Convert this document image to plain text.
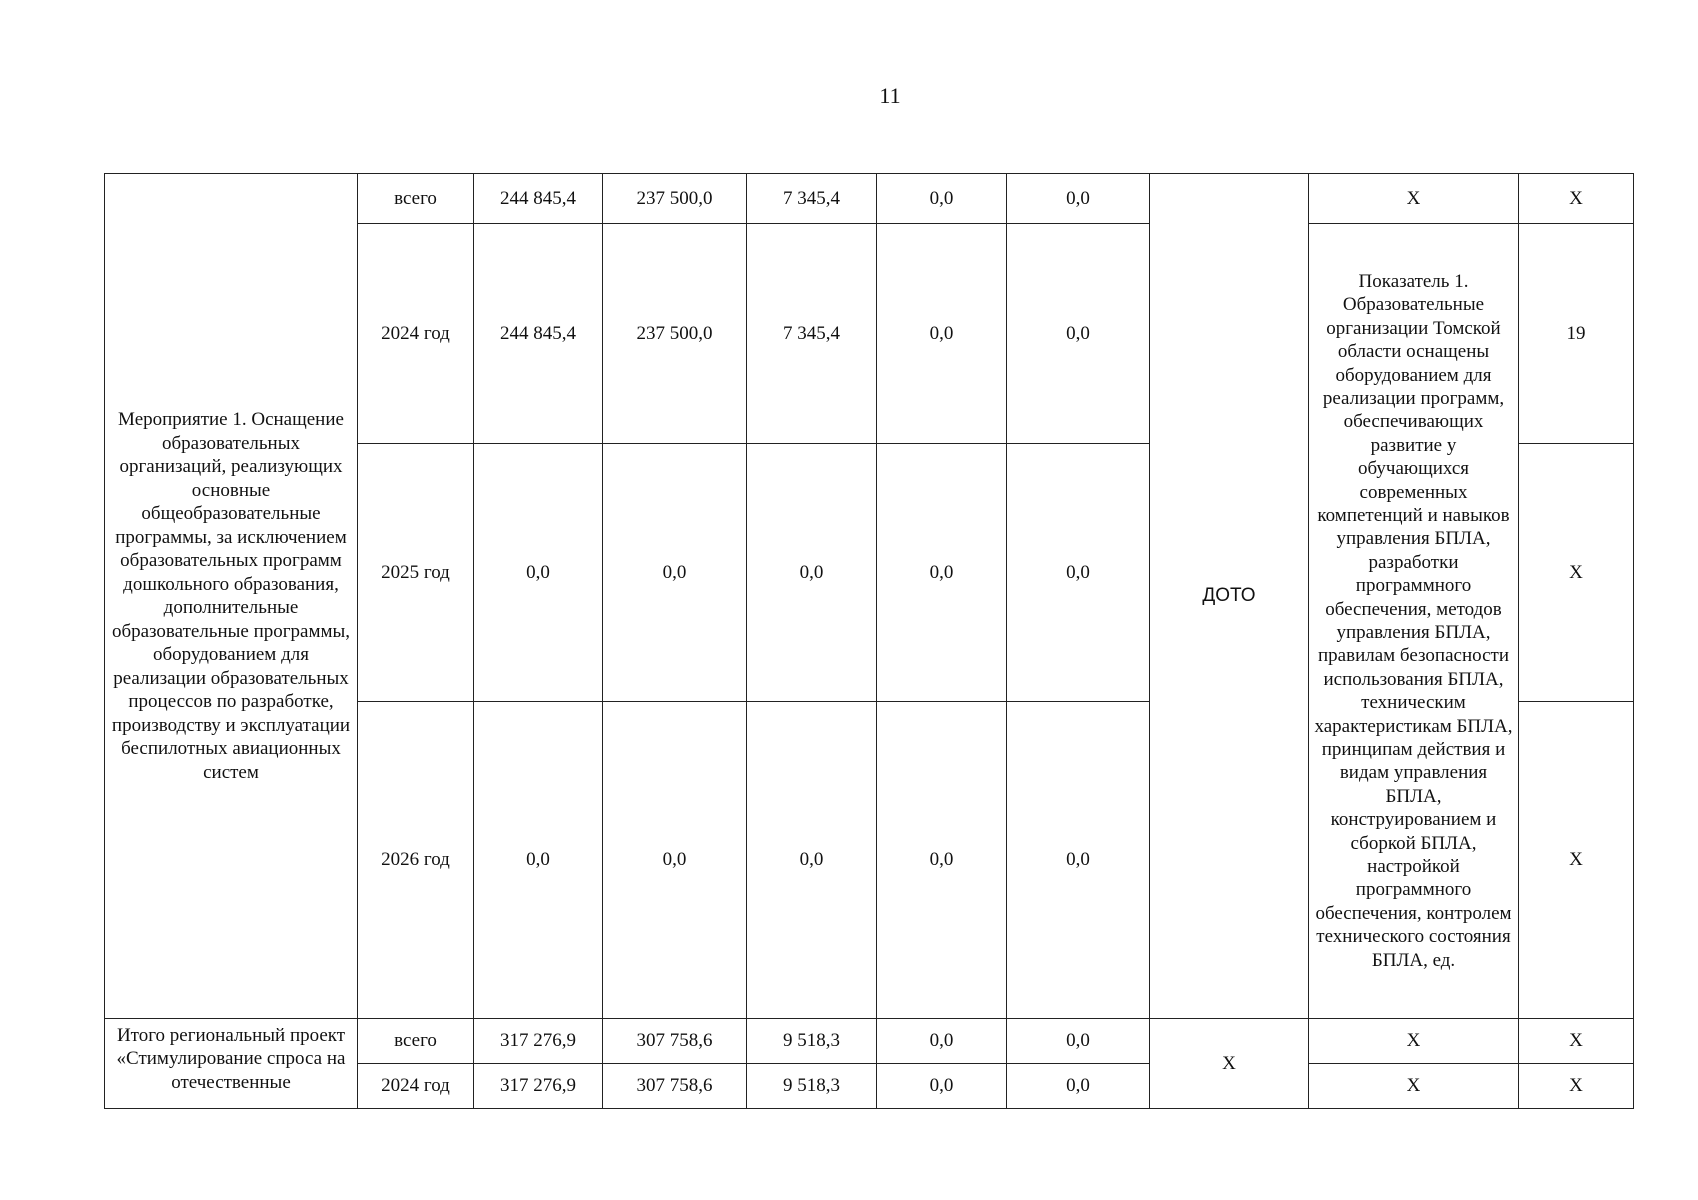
11
Мероприятие 1. Оснащение образовательных организаций, реализующих основные общеобразовательные программы, за исключением образовательных программ дошкольного образования, дополнительные образовательные программы, оборудованием для реализации образовательных процессов по разработке, производству и эксплуатации беспилотных авиационных систем	всего	244 845,4	237 500,0	7 345,4	0,0	0,0	ДОТО	Х	Х
	2024 год	244 845,4	237 500,0	7 345,4	0,0	0,0		Показатель 1. Образовательные организации Томской области оснащены оборудованием для реализации программ, обеспечивающих развитие у обучающихся современных компетенций и навыков управления БПЛА, разработки программного обеспечения, методов управления БПЛА, правилам безопасности использования БПЛА, техническим характеристикам БПЛА, принципам действия и видам управления БПЛА, конструированием и сборкой БПЛА, настройкой программного обеспечения, контролем технического состояния БПЛА, ед.	19
	2025 год	0,0	0,0	0,0	0,0	0,0			Х
	2026 год	0,0	0,0	0,0	0,0	0,0			Х

Итого региональный проект «Стимулирование спроса на отечественные	всего	317 276,9	307 758,6	9 518,3	0,0	0,0	Х	Х	Х
	2024 год	317 276,9	307 758,6	9 518,3	0,0	0,0		Х	Х
